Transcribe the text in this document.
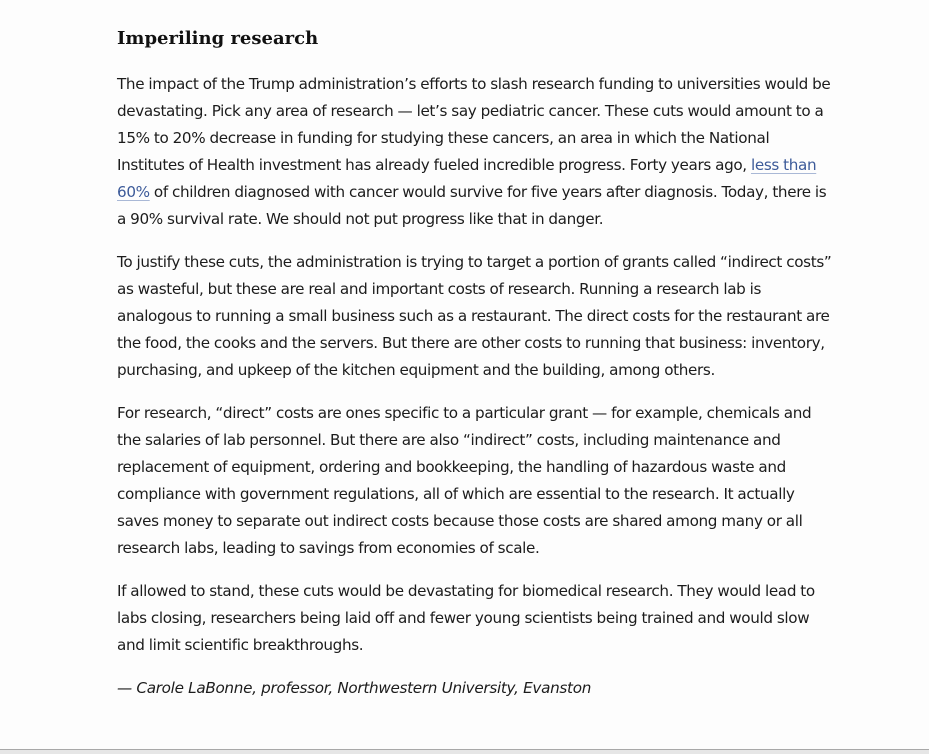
Imperiling research

The impact of the Trump administration’s efforts to slash research funding to universities would be devastating. Pick any area of research — let’s say pediatric cancer. These cuts would amount to a 15% to 20% decrease in funding for studying these cancers, an area in which the National Institutes of Health investment has already fueled incredible progress. Forty years ago, less than 60% of children diagnosed with cancer would survive for five years after diagnosis. Today, there is a 90% survival rate. We should not put progress like that in danger.

To justify these cuts, the administration is trying to target a portion of grants called “indirect costs” as wasteful, but these are real and important costs of research. Running a research lab is analogous to running a small business such as a restaurant. The direct costs for the restaurant are the food, the cooks and the servers. But there are other costs to running that business: inventory, purchasing, and upkeep of the kitchen equipment and the building, among others.

For research, “direct” costs are ones specific to a particular grant — for example, chemicals and the salaries of lab personnel. But there are also “indirect” costs, including maintenance and replacement of equipment, ordering and bookkeeping, the handling of hazardous waste and compliance with government regulations, all of which are essential to the research. It actually saves money to separate out indirect costs because those costs are shared among many or all research labs, leading to savings from economies of scale.

If allowed to stand, these cuts would be devastating for biomedical research. They would lead to labs closing, researchers being laid off and fewer young scientists being trained and would slow and limit scientific breakthroughs.

— Carole LaBonne, professor, Northwestern University, Evanston
